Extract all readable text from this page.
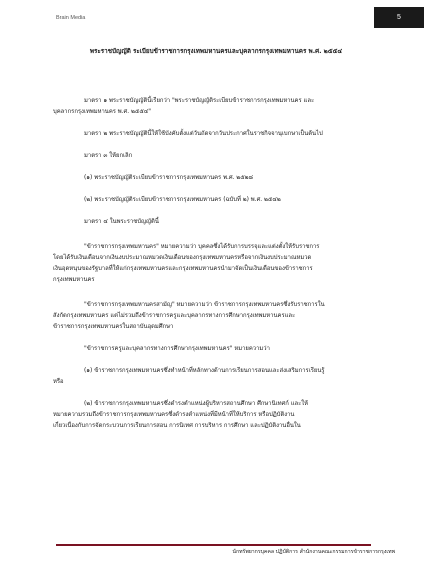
Brain Media	5
พระราชบัญญัติ ระเบียบข้าราชการกรุงเทพมหานครและบุคลากรกรุงเทพมหานคร พ.ศ. ๒๕๕๔
มาตรา ๑ พระราชบัญญัตินี้เรียกว่า "พระราชบัญญัติระเบียบข้าราชการกรุงเทพมหานคร และ
บุคลากรกรุงเทพมหานคร พ.ศ. ๒๕๕๔"
มาตรา ๒ พระราชบัญญัตินี้ให้ใช้บังคับตั้งแต่วันถัดจากวันประกาศในราชกิจจานุเบกษาเป็นต้นไป
มาตรา ๓ ให้ยกเลิก
(๑) พระราชบัญญัติระเบียบข้าราชการกรุงเทพมหานคร พ.ศ. ๒๕๒๘
(๒) พระราชบัญญัติระเบียบข้าราชการกรุงเทพมหานคร (ฉบับที่ ๒) พ.ศ. ๒๕๔๒
มาตรา ๔ ในพระราชบัญญัตินี้
"ข้าราชการกรุงเทพมหานคร" หมายความว่า บุคคลซึ่งได้รับการบรรจุและแต่งตั้งให้รับราชการ
โดยได้รับเงินเดือนจากเงินงบประมาณหมวดเงินเดือนของกรุงเทพมหานครหรือจากเงินงบประมาณหมวด
เงินอุดหนุนของรัฐบาลที่ให้แก่กรุงเทพมหานครและกรุงเทพมหานครนำมาจัดเป็นเงินเดือนของข้าราชการ
กรุงเทพมหานคร
"ข้าราชการกรุงเทพมหานครสามัญ" หมายความว่า ข้าราชการกรุงเทพมหานครซึ่งรับราชการใน
สังกัดกรุงเทพมหานคร แต่ไม่รวมถึงข้าราชการครูและบุคลากรทางการศึกษากรุงเทพมหานครและ
ข้าราชการกรุงเทพมหานครในสถาบันอุดมศึกษา
"ข้าราชการครูและบุคลากรทางการศึกษากรุงเทพมหานคร" หมายความว่า
(๑) ข้าราชการกรุงเทพมหานครซึ่งทำหน้าที่หลักทางด้านการเรียนการสอนและส่งเสริมการเรียนรู้
หรือ
(๒) ข้าราชการกรุงเทพมหานครซึ่งดำรงตำแหน่งผู้บริหารสถานศึกษา ศึกษานิเทศก์ และให้
หมายความรวมถึงข้าราชการกรุงเทพมหานครซึ่งดำรงตำแหน่งที่มีหน้าที่ให้บริการ หรือปฏิบัติงาน
เกี่ยวเนื่องกับการจัดกระบวนการเรียนการสอน การนิเทศ การบริหาร การศึกษา และปฏิบัติงานอื่นใน
นักทรัพยากรบุคคล ปฏิบัติการ สำนักงานคณะกรรมการข้าราชการกรุงเทพ
